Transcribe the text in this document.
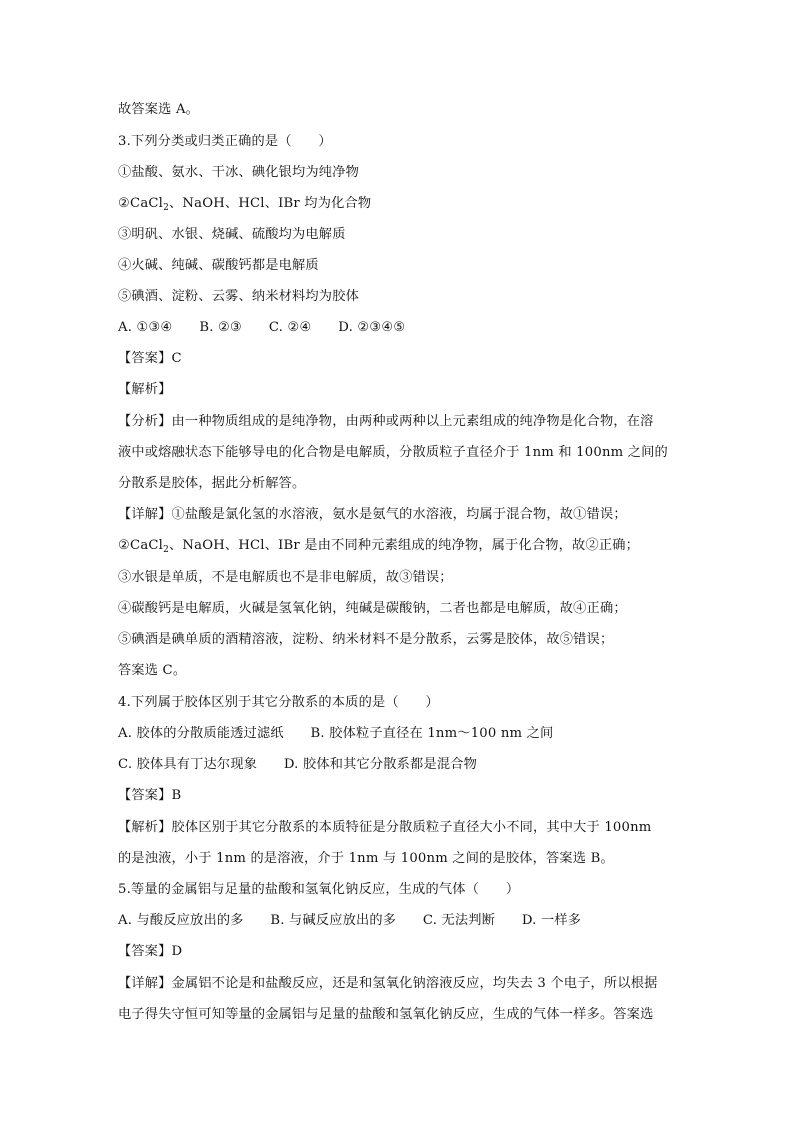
故答案选 A。
3.下列分类或归类正确的是（　　）
①盐酸、氨水、干冰、碘化银均为纯净物
②CaCl$_2$、NaOH、HCl、IBr 均为化合物
③明矾、水银、烧碱、硫酸均为电解质
④火碱、纯碱、碳酸钙都是电解质
⑤碘酒、淀粉、云雾、纳米材料均为胶体
A. ①③④　　B. ②③　　C. ②④　　D. ②③④⑤
【答案】C
【解析】
【分析】由一种物质组成的是纯净物，由两种或两种以上元素组成的纯净物是化合物，在溶
液中或熔融状态下能够导电的化合物是电解质，分散质粒子直径介于 1nm 和 100nm 之间的
分散系是胶体，据此分析解答。
【详解】①盐酸是氯化氢的水溶液，氨水是氨气的水溶液，均属于混合物，故①错误；
②CaCl$_2$、NaOH、HCl、IBr 是由不同种元素组成的纯净物，属于化合物，故②正确；
③水银是单质，不是电解质也不是非电解质，故③错误；
④碳酸钙是电解质，火碱是氢氧化钠，纯碱是碳酸钠，二者也都是电解质，故④正确；
⑤碘酒是碘单质的酒精溶液，淀粉、纳米材料不是分散系，云雾是胶体，故⑤错误；
答案选 C。
4.下列属于胶体区别于其它分散系的本质的是（　　）
A. 胶体的分散质能透过滤纸　　B. 胶体粒子直径在 1nm～100 nm 之间
C. 胶体具有丁达尔现象　　D. 胶体和其它分散系都是混合物
【答案】B
【解析】胶体区别于其它分散系的本质特征是分散质粒子直径大小不同，其中大于 100nm
的是浊液，小于 1nm 的是溶液，介于 1nm 与 100nm 之间的是胶体，答案选 B。
5.等量的金属铝与足量的盐酸和氢氧化钠反应，生成的气体（　　）
A. 与酸反应放出的多　　B. 与碱反应放出的多　　C. 无法判断　　D. 一样多
【答案】D
【详解】金属铝不论是和盐酸反应，还是和氢氧化钠溶液反应，均失去 3 个电子，所以根据
电子得失守恒可知等量的金属铝与足量的盐酸和氢氧化钠反应，生成的气体一样多。答案选
